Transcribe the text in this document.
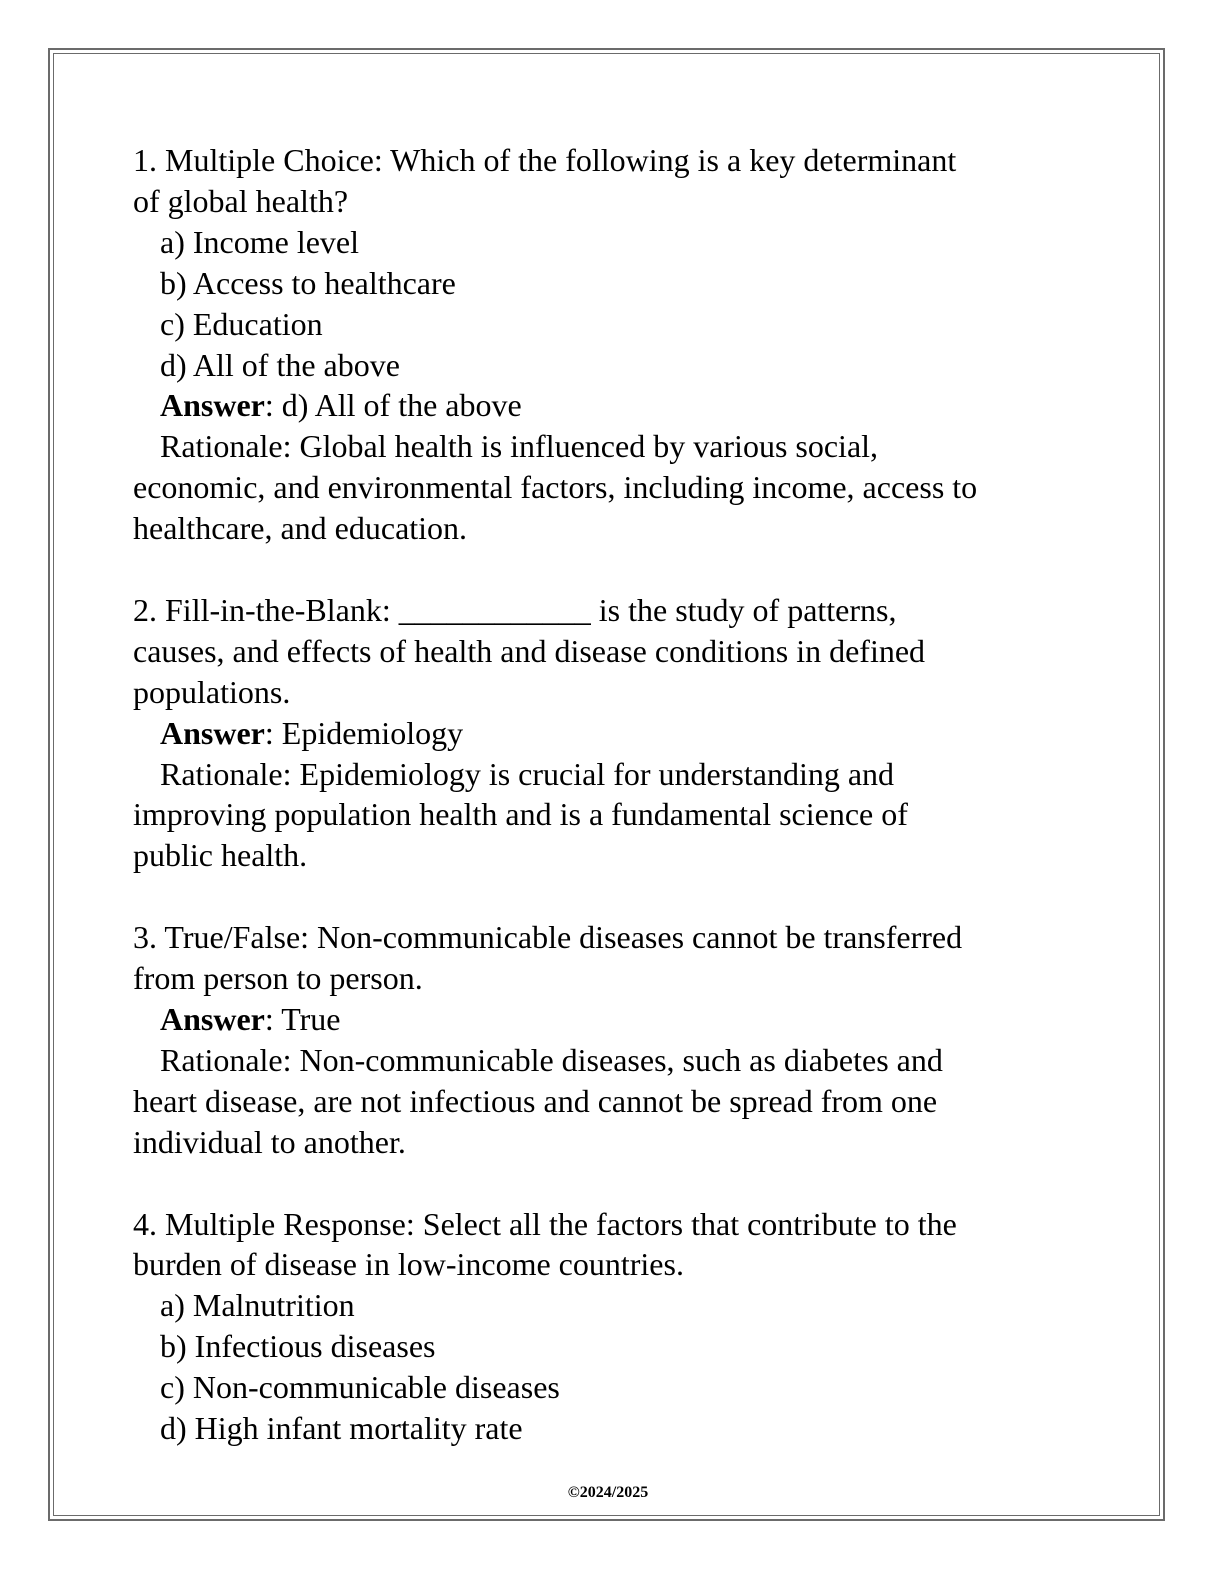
1. Multiple Choice: Which of the following is a key determinant
of global health?
a) Income level
b) Access to healthcare
c) Education
d) All of the above
Answer: d) All of the above
Rationale: Global health is influenced by various social,
economic, and environmental factors, including income, access to
healthcare, and education.
2. Fill-in-the-Blank: ____________ is the study of patterns,
causes, and effects of health and disease conditions in defined
populations.
Answer: Epidemiology
Rationale: Epidemiology is crucial for understanding and
improving population health and is a fundamental science of
public health.
3. True/False: Non-communicable diseases cannot be transferred
from person to person.
Answer: True
Rationale: Non-communicable diseases, such as diabetes and
heart disease, are not infectious and cannot be spread from one
individual to another.
4. Multiple Response: Select all the factors that contribute to the
burden of disease in low-income countries.
a) Malnutrition
b) Infectious diseases
c) Non-communicable diseases
d) High infant mortality rate
©2024/2025
